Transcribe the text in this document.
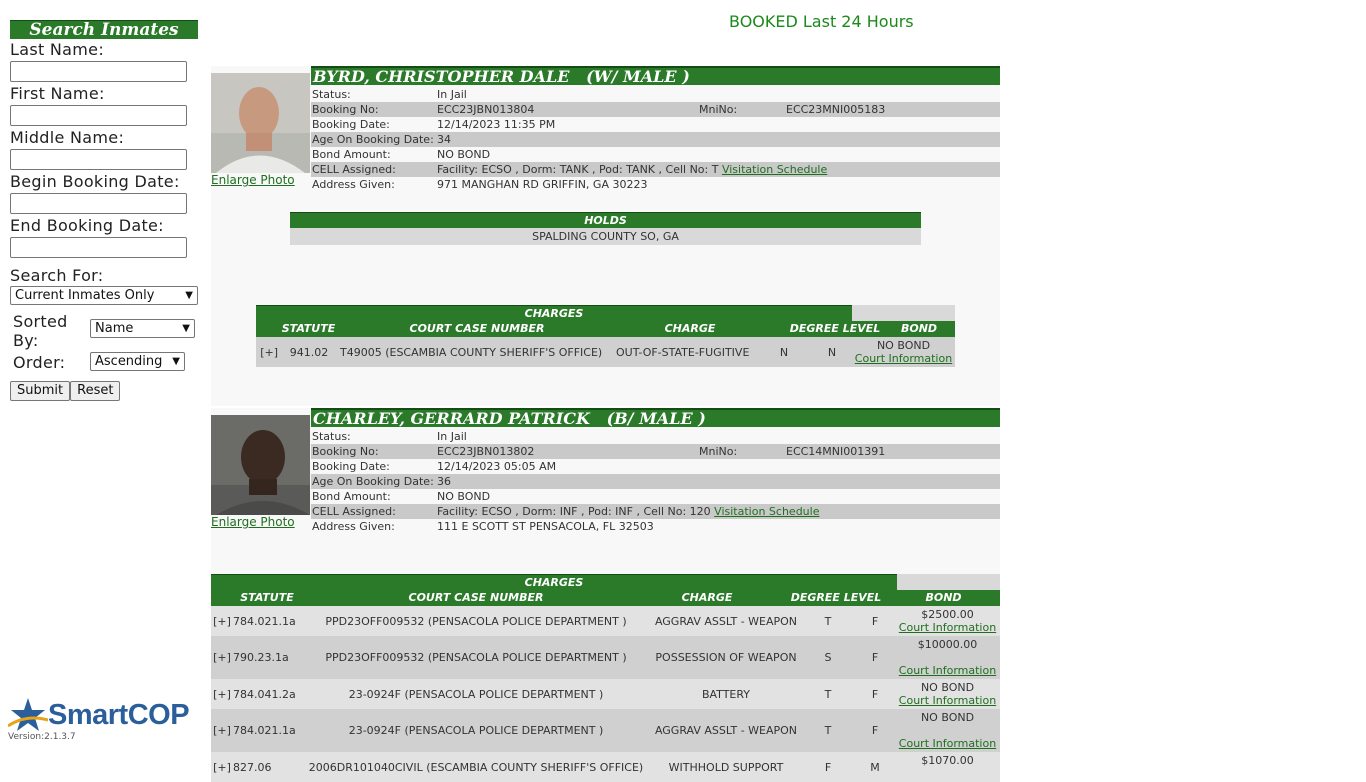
Search Inmates
Last Name:
First Name:
Middle Name:
Begin Booking Date:
End Booking Date:
Search For:
Current Inmates Only	▼
Sorted By:
Name	▼
Order:	Ascending ▼
Submit Reset
SmartCOP
Version:2.1.3.7
BOOKED Last 24 Hours
Enlarge Photo
BYRD, CHRISTOPHER DALE   (W/ MALE )
Status:	In Jail
Booking No:	ECC23JBN013804	MniNo:	ECC23MNI005183
Booking Date:	12/14/2023 11:35 PM
Age On Booking Date: 34
Bond Amount:	NO BOND
CELL Assigned:	Facility: ECSO , Dorm: TANK , Pod: TANK , Cell No: T Visitation Schedule
Address Given:	971 MANGHAN RD GRIFFIN, GA 30223
HOLDS
SPALDING COUNTY SO, GA
CHARGES
STATUTE	COURT CASE NUMBER	CHARGE	DEGREE LEVEL	BOND
[+]	941.02	T49005 (ESCAMBIA COUNTY SHERIFF'S OFFICE)	OUT-OF-STATE-FUGITIVE	N	N	NO BOND
Court Information
Enlarge Photo
CHARLEY, GERRARD PATRICK   (B/ MALE )
Status:	In Jail
Booking No:	ECC23JBN013802	MniNo:	ECC14MNI001391
Booking Date:	12/14/2023 05:05 AM
Age On Booking Date: 36
Bond Amount:	NO BOND
CELL Assigned:	Facility: ECSO , Dorm: INF , Pod: INF , Cell No: 120 Visitation Schedule
Address Given:	111 E SCOTT ST PENSACOLA, FL 32503
CHARGES
STATUTE	COURT CASE NUMBER	CHARGE	DEGREE LEVEL	BOND
[+] 784.021.1a	PPD23OFF009532 (PENSACOLA POLICE DEPARTMENT )	AGGRAV ASSLT - WEAPON	T	F	$2500.00
Court Information
[+] 790.23.1a	PPD23OFF009532 (PENSACOLA POLICE DEPARTMENT )	POSSESSION OF WEAPON	S	F
$10000.00
Court Information
[+] 784.041.2a	23-0924F (PENSACOLA POLICE DEPARTMENT )	BATTERY	T	F	NO BOND
Court Information
[+] 784.021.1a	23-0924F (PENSACOLA POLICE DEPARTMENT )	AGGRAV ASSLT - WEAPON	T	F
NO BOND
Court Information
[+] 827.06	2006DR101040CIVIL (ESCAMBIA COUNTY SHERIFF'S OFFICE)	WITHHOLD SUPPORT	F	M
$1070.00
